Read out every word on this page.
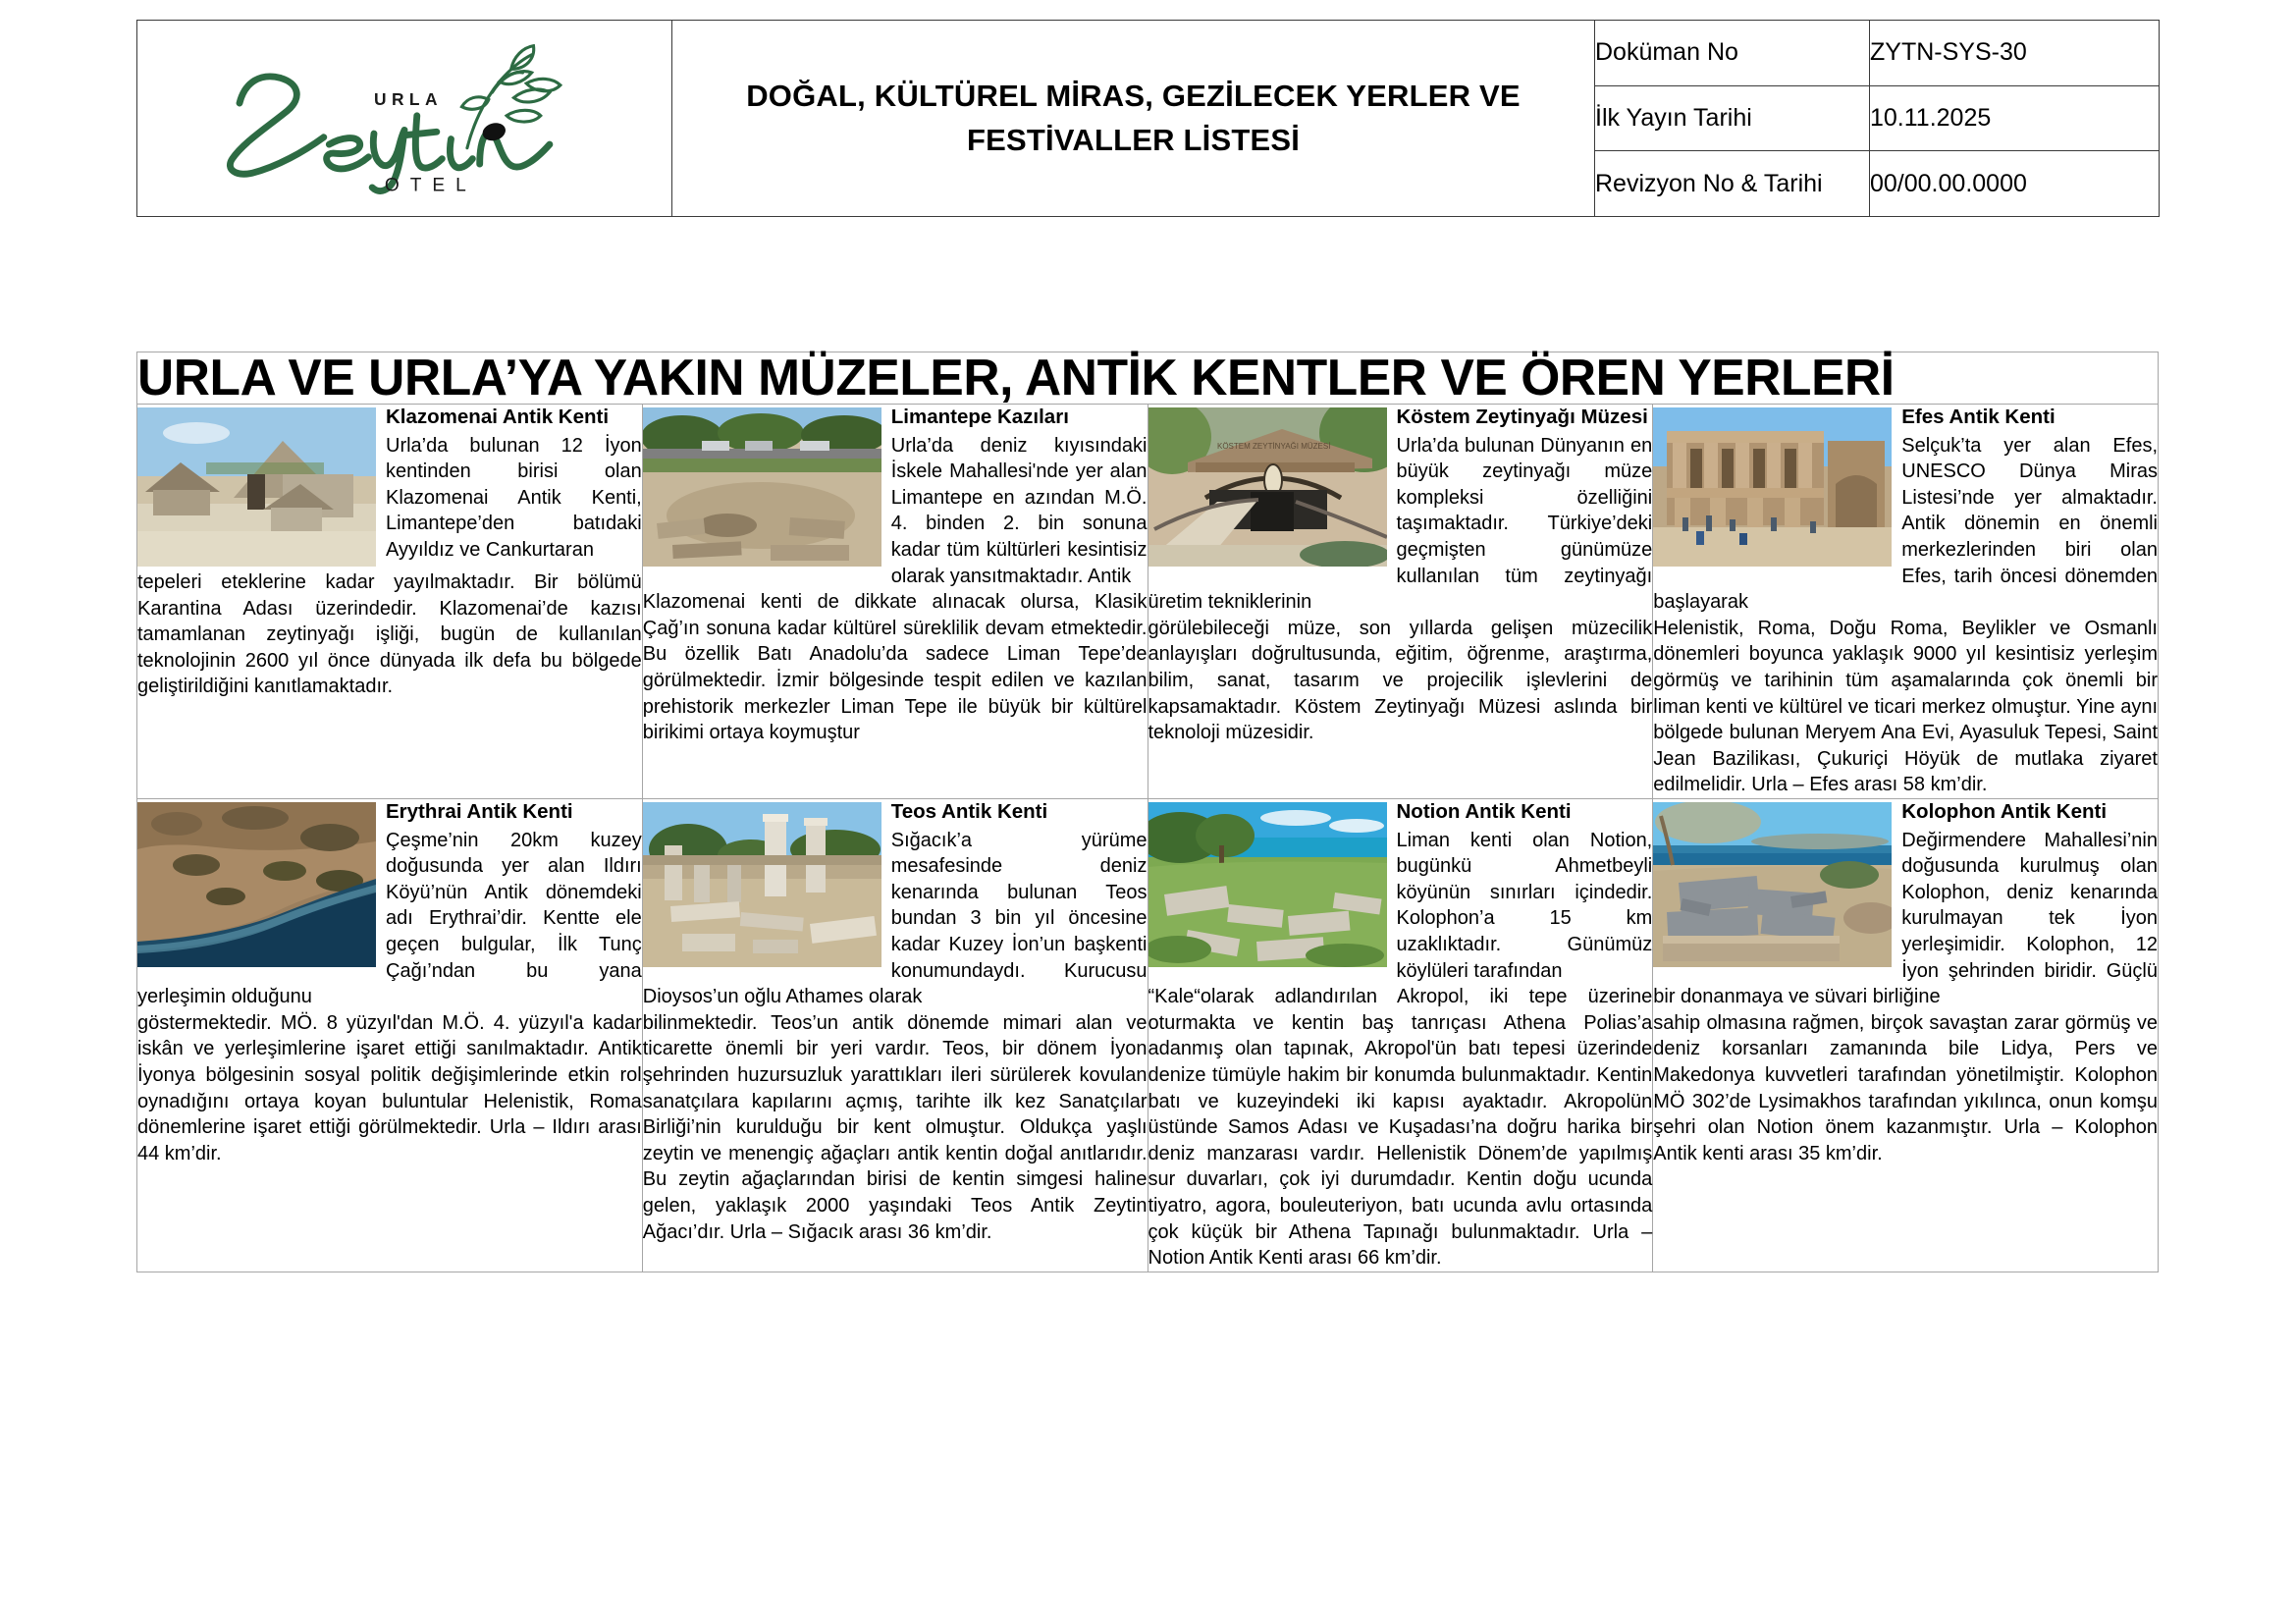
URLA
OTEL	DOĞAL, KÜLTÜREL MİRAS, GEZİLECEK YERLER VE FESTİVALLER LİSTESİ	Doküman No	ZYTN-SYS-30
		İlk Yayın Tarihi	10.11.2025
		Revizyon No & Tarihi	00/00.00.0000
URLA VE URLA’YA YAKIN MÜZELER, ANTİK KENTLER VE ÖREN YERLERİ			

Klazomenai Antik Kenti

Urla’da bulunan 12 İyon kentinden birisi olan Klazomenai Antik Kenti, Limantepe’den batıdaki Ayyıldız ve Cankurtaran

tepeleri eteklerine kadar yayılmaktadır. Bir bölümü Karantina Adası üzerindedir. Klazomenai’de kazısı tamamlanan zeytinyağı işliği, bugün de kullanılan teknolojinin 2600 yıl önce dünyada ilk defa bu bölgede geliştirildiğini kanıtlamaktadır.

Limantepe Kazıları

Urla’da deniz kıyısındaki İskele Mahallesi'nde yer alan Limantepe en azından M.Ö. 4. binden 2. bin sonuna kadar tüm kültürleri kesintisiz olarak yansıtmaktadır. Antik

Klazomenai kenti de dikkate alınacak olursa, Klasik Çağ’ın sonuna kadar kültürel süreklilik devam etmektedir. Bu özellik Batı Anadolu’da sadece Liman Tepe’de görülmektedir. İzmir bölgesinde tespit edilen ve kazılan prehistorik merkezler Liman Tepe ile büyük bir kültürel birikimi ortaya koymuştur

KÖSTEM ZEYTİNYAĞI MÜZESİ
Köstem Zeytinyağı Müzesi

Urla’da bulunan Dünyanın en büyük zeytinyağı müze kompleksi özelliğini taşımaktadır. Türkiye’deki geçmişten günümüze kullanılan tüm zeytinyağı üretim tekniklerinin

görülebileceği müze, son yıllarda gelişen müzecilik anlayışları doğrultusunda, eğitim, öğrenme, araştırma, bilim, sanat, tasarım ve projecilik işlevlerini de kapsamaktadır. Köstem Zeytinyağı Müzesi aslında bir teknoloji müzesidir.

Efes Antik Kenti

Selçuk’ta yer alan Efes, UNESCO Dünya Miras Listesi’nde yer almaktadır. Antik dönemin en önemli merkezlerinden biri olan Efes, tarih öncesi dönemden başlayarak

Helenistik, Roma, Doğu Roma, Beylikler ve Osmanlı dönemleri boyunca yaklaşık 9000 yıl kesintisiz yerleşim görmüş ve tarihinin tüm aşamalarında çok önemli bir liman kenti ve kültürel ve ticari merkez olmuştur. Yine aynı bölgede bulunan Meryem Ana Evi, Ayasuluk Tepesi, Saint Jean Bazilikası, Çukuriçi Höyük de mutlaka ziyaret edilmelidir. Urla – Efes arası 58 km’dir.

Erythrai Antik Kenti

Çeşme’nin 20km kuzey doğusunda yer alan Ildırı Köyü’nün Antik dönemdeki adı Erythrai’dir. Kentte ele geçen bulgular, İlk Tunç Çağı’ndan bu yana yerleşimin olduğunu

göstermektedir. MÖ. 8 yüzyıl'dan M.Ö. 4. yüzyıl'a kadar iskân ve yerleşimlerine işaret ettiği sanılmaktadır. Antik İyonya bölgesinin sosyal politik değişimlerinde etkin rol oynadığını ortaya koyan buluntular Helenistik, Roma dönemlerine işaret ettiği görülmektedir. Urla – Ildırı arası 44 km’dir.

Teos Antik Kenti

Sığacık’a yürüme mesafesinde deniz kenarında bulunan Teos bundan 3 bin yıl öncesine kadar Kuzey İon’un başkenti konumundaydı. Kurucusu Dioysos’un oğlu Athames olarak

bilinmektedir. Teos’un antik dönemde mimari alan ve ticarette önemli bir yeri vardır. Teos, bir dönem İyon şehrinden huzursuzluk yarattıkları ileri sürülerek kovulan sanatçılara kapılarını açmış, tarihte ilk kez Sanatçılar Birliği’nin kurulduğu bir kent olmuştur. Oldukça yaşlı zeytin ve menengiç ağaçları antik kentin doğal anıtlarıdır. Bu zeytin ağaçlarından birisi de kentin simgesi haline gelen, yaklaşık 2000 yaşındaki Teos Antik Zeytin Ağacı’dır. Urla – Sığacık arası 36 km’dir.

Notion Antik Kenti

Liman kenti olan Notion, bugünkü Ahmetbeyli köyünün sınırları içindedir. Kolophon’a 15 km uzaklıktadır. Günümüz köylüleri tarafından

“Kale“olarak adlandırılan Akropol, iki tepe üzerine oturmakta ve kentin baş tanrıçası Athena Polias’a adanmış olan tapınak, Akropol'ün batı tepesi üzerinde denize tümüyle hakim bir konumda bulunmaktadır. Kentin batı ve kuzeyindeki iki kapısı ayaktadır. Akropolün üstünde Samos Adası ve Kuşadası’na doğru harika bir deniz manzarası vardır. Hellenistik Dönem’de yapılmış sur duvarları, çok iyi durumdadır. Kentin doğu ucunda tiyatro, agora, bouleuteriyon, batı ucunda avlu ortasında çok küçük bir Athena Tapınağı bulunmaktadır. Urla – Notion Antik Kenti arası 66 km’dir.

Kolophon Antik Kenti

Değirmendere Mahallesi’nin doğusunda kurulmuş olan Kolophon, deniz kenarında kurulmayan tek İyon yerleşimidir. Kolophon, 12 İyon şehrinden biridir. Güçlü bir donanmaya ve süvari birliğine

sahip olmasına rağmen, birçok savaştan zarar görmüş ve deniz korsanları zamanında bile Lidya, Pers ve Makedonya kuvvetleri tarafından yönetilmiştir. Kolophon MÖ 302’de Lysimakhos tarafından yıkılınca, onun komşu şehri olan Notion önem kazanmıştır. Urla – Kolophon Antik kenti arası 35 km’dir.
